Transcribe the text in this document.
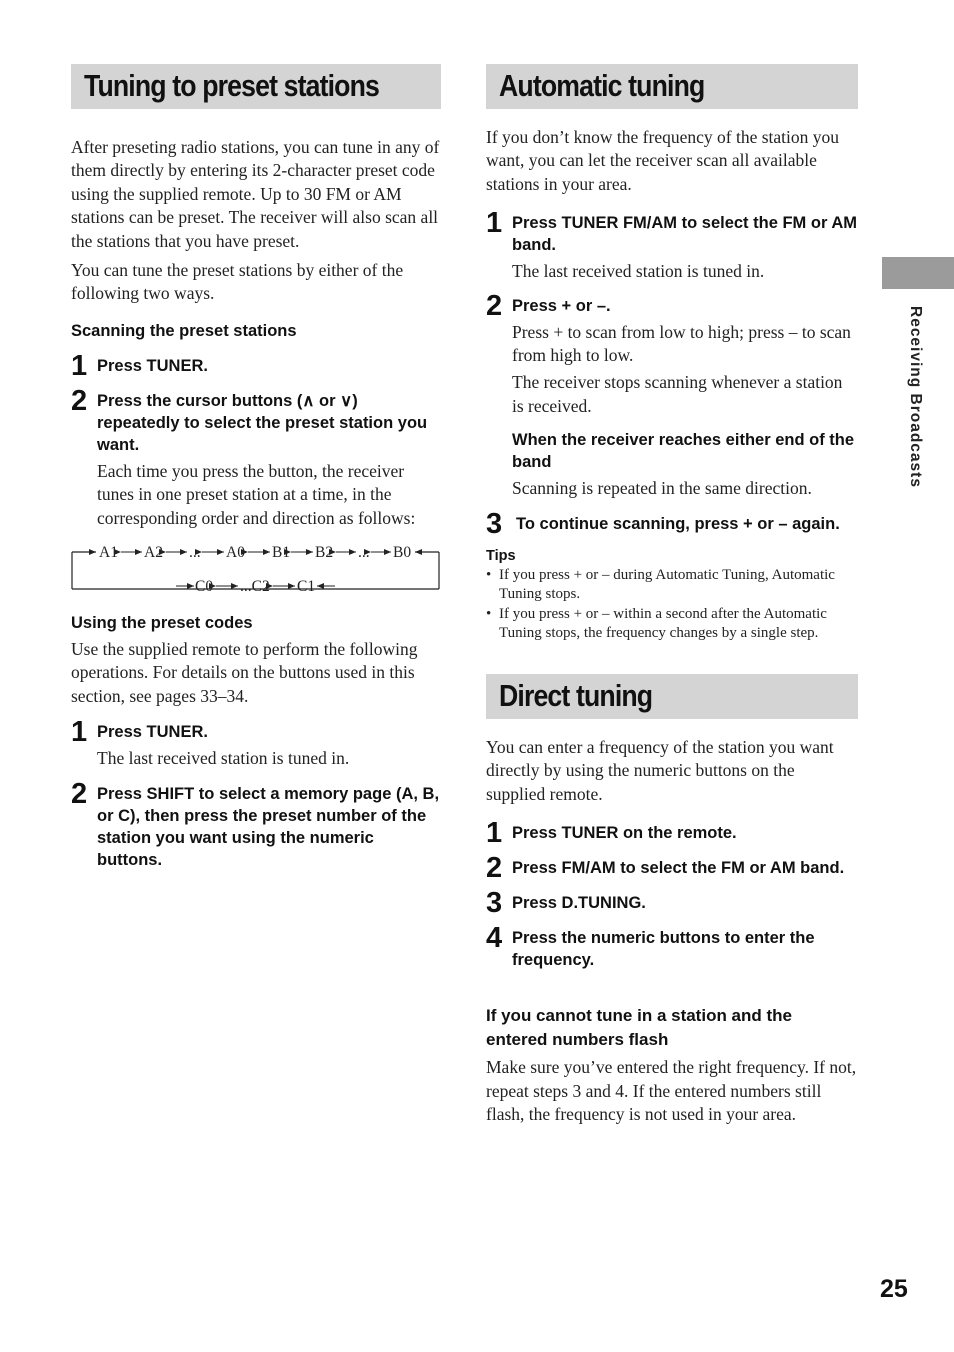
Tuning to preset stations

After preseting radio stations, you can tune in any of them directly by entering its 2-character preset code using the supplied remote. Up to 30 FM or AM stations can be preset. The receiver will also scan all the stations that you have preset.

You can tune the preset stations by either of the following two ways.

Scanning the preset stations

1 Press TUNER.

2 Press the cursor buttons (∧ or ∨) repeatedly to select the preset station you want.

Each time you press the button, the receiver tunes in one preset station at a time, in the corresponding order and direction as follows:

A1 A2 ... A0 B1 B2 ... B0
C0 ...C2 C1

Using the preset codes

Use the supplied remote to perform the following operations. For details on the buttons used in this section, see pages 33–34.

1 Press TUNER.

The last received station is tuned in.

2 Press SHIFT to select a memory page (A, B, or C), then press the preset number of the station you want using the numeric buttons.

Automatic tuning

If you don’t know the frequency of the station you want, you can let the receiver scan all available stations in your area.

1 Press TUNER FM/AM to select the FM or AM band.

The last received station is tuned in.

2 Press + or –.

Press + to scan from low to high; press – to scan from high to low.

The receiver stops scanning whenever a station is received.

When the receiver reaches either end of the band

Scanning is repeated in the same direction.

3 To continue scanning, press + or – again.

Tips

• If you press + or – during Automatic Tuning, Automatic Tuning stops.
• If you press + or – within a second after the Automatic Tuning stops, the frequency changes by a single step.
Direct tuning

You can enter a frequency of the station you want directly by using the numeric buttons on the supplied remote.

1 Press TUNER on the remote.

2 Press FM/AM to select the FM or AM band.

3 Press D.TUNING.

4 Press the numeric buttons to enter the frequency.

If you cannot tune in a station and the entered numbers flash

Make sure you’ve entered the right frequency. If not, repeat steps 3 and 4. If the entered numbers still flash, the frequency is not used in your area.

Receiving Broadcasts
25
